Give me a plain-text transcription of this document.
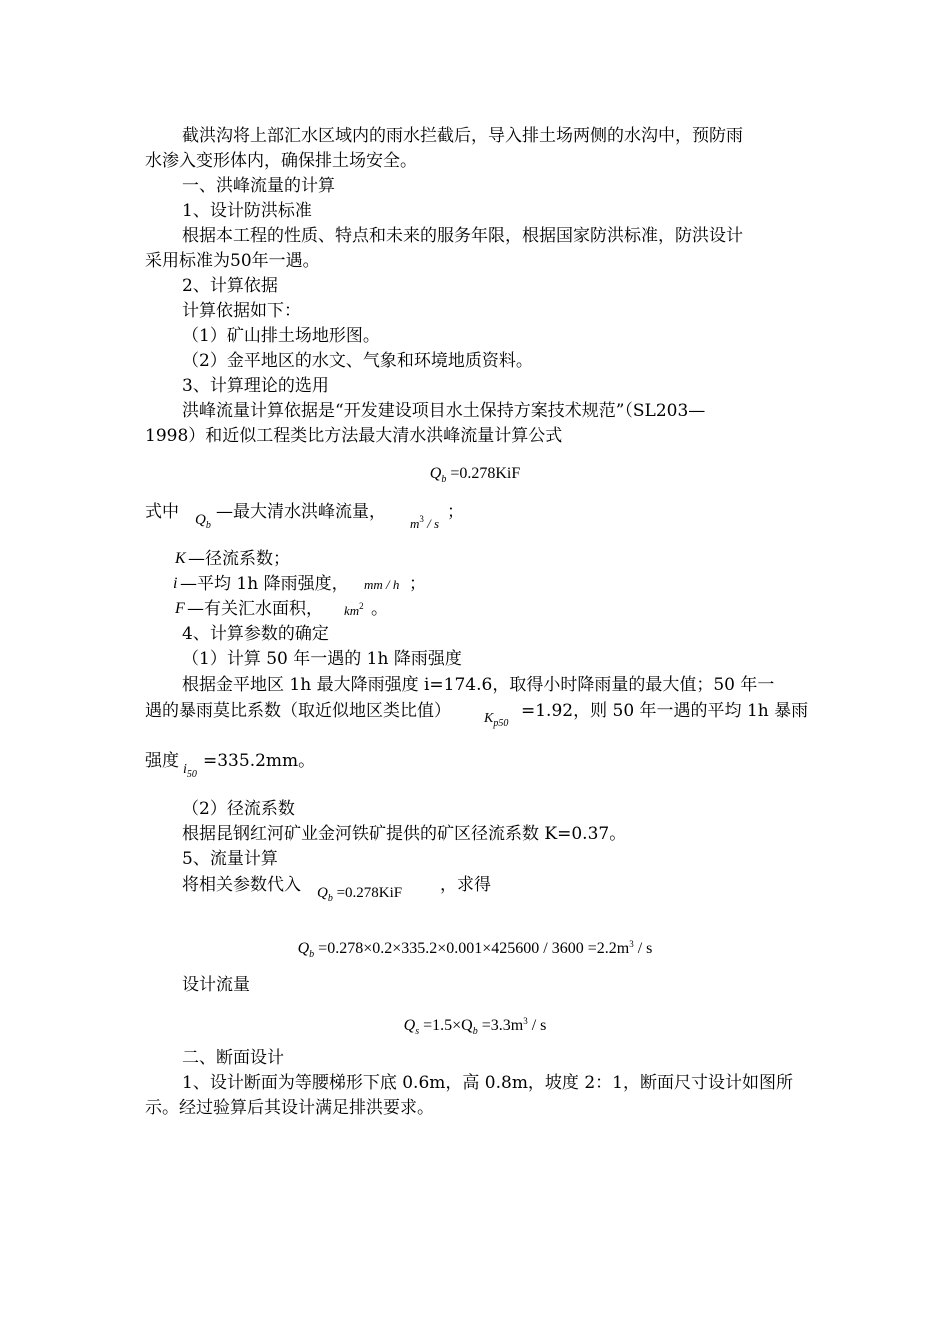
截洪沟将上部汇水区域内的雨水拦截后，导入排土场两侧的水沟中，预防雨
水渗入变形体内，确保排土场安全。
一、洪峰流量的计算
1、设计防洪标准
根据本工程的性质、特点和未来的服务年限，根据国家防洪标准，防洪设计
采用标准为50年一遇。
2、计算依据
计算依据如下：
（1）矿山排土场地形图。
（2）金平地区的水文、气象和环境地质资料。
3、计算理论的选用
洪峰流量计算依据是“开发建设项目水土保持方案技术规范”（SL203—
1998）和近似工程类比方法最大清水洪峰流量计算公式
$Q_b =0.278KiF$
式中	$Q_b$
—最大清水洪峰流量，
$m^3$ / s
；
K —径流系数；
i —平均 1h 降雨强度， mm / h ；
F —有关汇水面积， $km^2$ 。
4、计算参数的确定
（1）计算 50 年一遇的 1h 降雨强度
根据金平地区 1h 最大降雨强度 i=174.6，取得小时降雨量的最大值；50 年一
遇的暴雨莫比系数（取近似地区类比值） $K_{p50}$
=1.92，则 50 年一遇的平均 1h 暴雨
强度 $i_{50}$
=335.2mm。
（2）径流系数
根据昆钢红河矿业金河铁矿提供的矿区径流系数 K=0.37。
5、流量计算
将相关参数代入 $Q_b =0.278KiF$ ，求得
$Q_b =0.278\times 0.2\times 335.2\times 0.001\times 425600 / 3600 =2.2m^3 / s$
设计流量
$Q_s =1.5\times Q_b =3.3m^3 / s$
二、断面设计
1、设计断面为等腰梯形下底 0.6m，高 0.8m，坡度 2：1，断面尺寸设计如图所
示。经过验算后其设计满足排洪要求。
